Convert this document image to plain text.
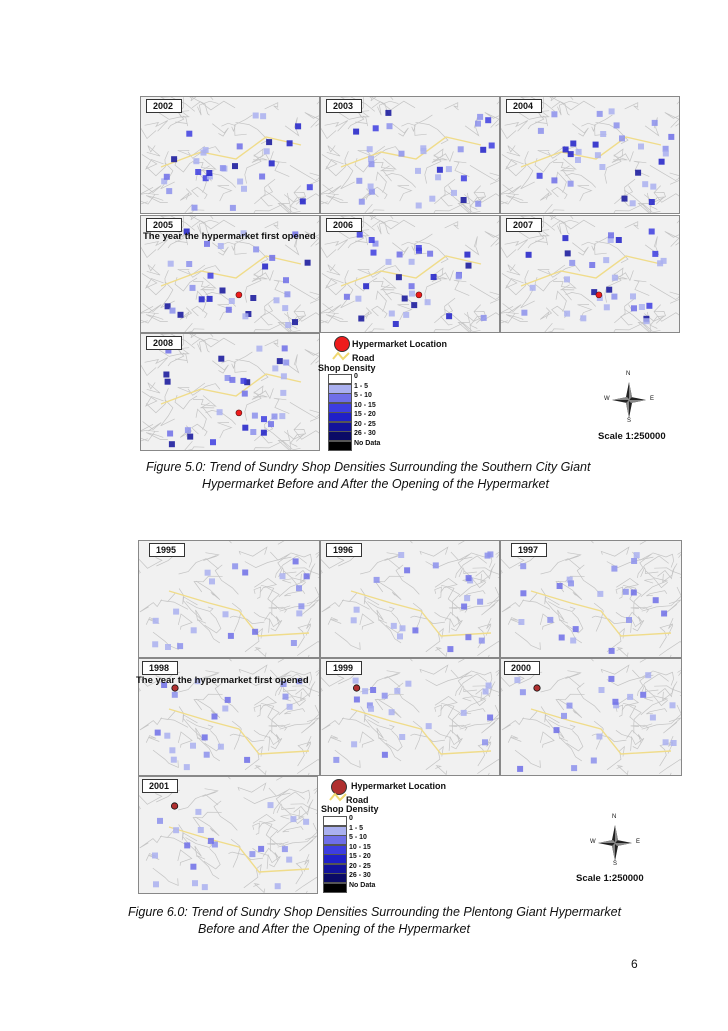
2002	2003	2004
2005
The year the hypermarket first opened
2006	2007
2008	Hypermarket Location
Road
Shop Density
0
1 - 5
5 - 10
10 - 15
15 - 20
20 - 25
26 - 30
No Data
N
S
W	E
Scale 1:250000
Figure 5.0: Trend of Sundry Shop Densities Surrounding the Southern City Giant
Hypermarket Before and After the Opening of the Hypermarket
1995	1996	1997
1998
The year the hypermarket first opened
1999	2000
2001	Hypermarket Location
Road
Shop Density
0
1 - 5
5 - 10
10 - 15
15 - 20
20 - 25
26 - 30
No Data
N
S
W	E
Scale 1:250000
Figure 6.0: Trend of Sundry Shop Densities Surrounding the Plentong Giant Hypermarket
Before and After the Opening of the Hypermarket
6
